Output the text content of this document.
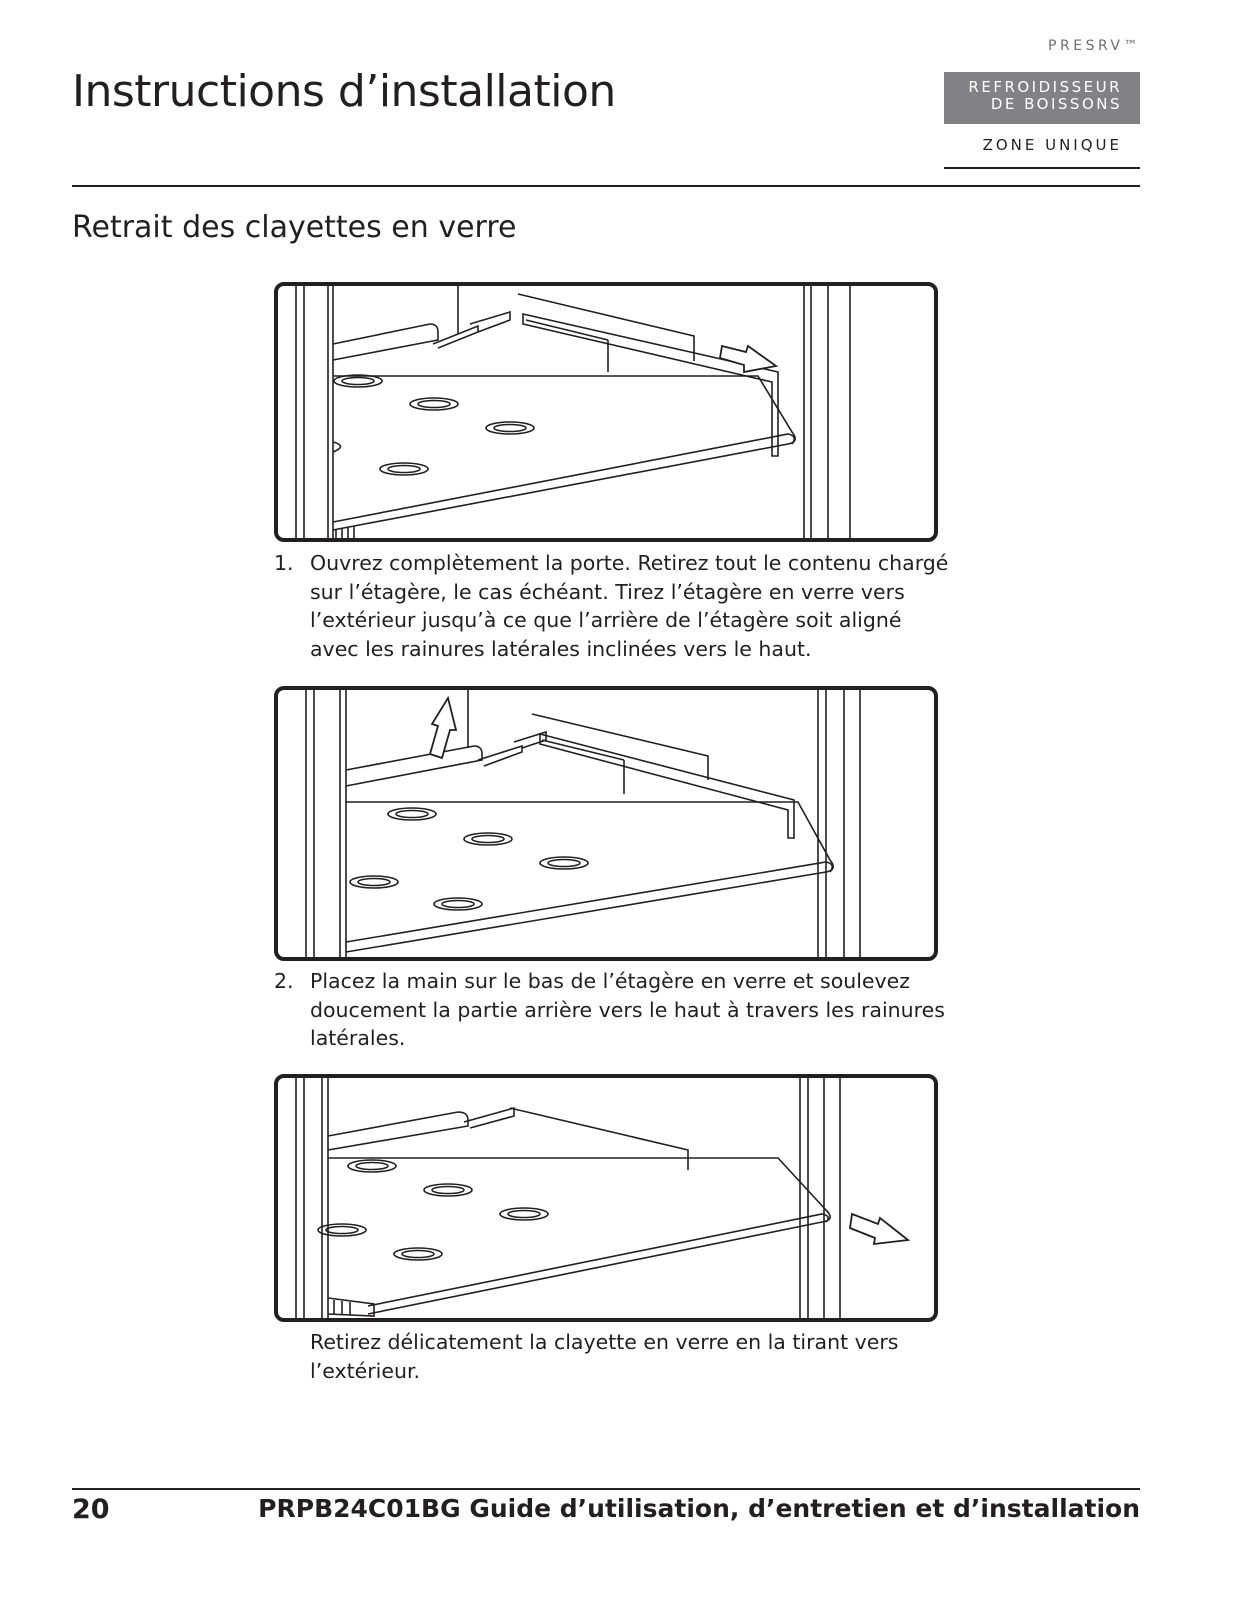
PRESRV™
Instructions d’installation	REFROIDISSEUR
DE BOISSONS
ZONE UNIQUE
Retrait des clayettes en verre
1. Ouvrez complètement la porte. Retirez tout le contenu chargé sur l’étagère, le cas échéant. Tirez l’étagère en verre vers l’extérieur jusqu’à ce que l’arrière de l’étagère soit aligné avec les rainures latérales inclinées vers le haut.
2. Placez la main sur le bas de l’étagère en verre et soulevez doucement la partie arrière vers le haut à travers les rainures latérales.
Retirez délicatement la clayette en verre en la tirant vers l’extérieur.
20	PRPB24C01BG Guide d’utilisation, d’entretien et d’installation
